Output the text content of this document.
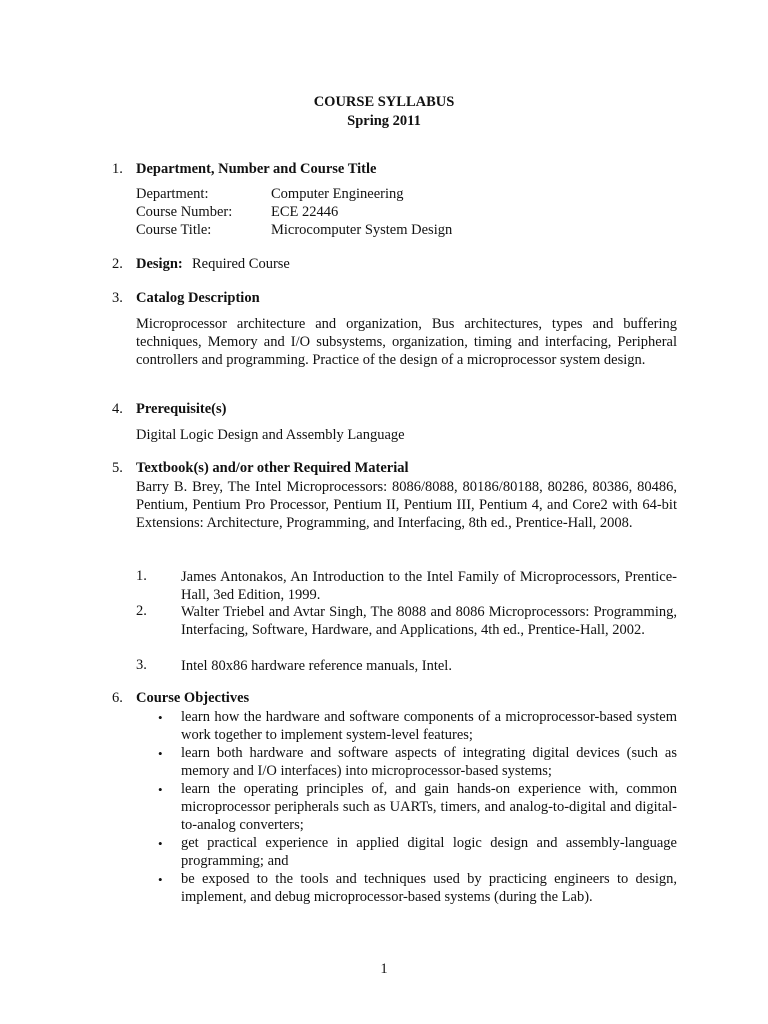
COURSE SYLLABUS
Spring 2011
1. Department, Number and Course Title
Department:	Computer Engineering
Course Number:	ECE 22446
Course Title:	Microcomputer System Design
2. Design: Required Course
3. Catalog Description
Microprocessor architecture and organization, Bus architectures, types and buffering techniques, Memory and I/O subsystems, organization, timing and interfacing, Peripheral controllers and programming. Practice of the design of a microprocessor system design.
4. Prerequisite(s)
Digital Logic Design and Assembly Language
5. Textbook(s) and/or other Required Material
Barry B. Brey, The Intel Microprocessors: 8086/8088, 80186/80188, 80286, 80386, 80486, Pentium, Pentium Pro Processor, Pentium II, Pentium III, Pentium 4, and Core2 with 64-bit Extensions: Architecture, Programming, and Interfacing, 8th ed., Prentice-Hall, 2008.
1. James Antonakos, An Introduction to the Intel Family of Microprocessors, Prentice-Hall, 3ed Edition, 1999.
2. Walter Triebel and Avtar Singh, The 8088 and 8086 Microprocessors: Programming, Interfacing, Software, Hardware, and Applications, 4th ed., Prentice-Hall, 2002.
3. Intel 80x86 hardware reference manuals, Intel.
6. Course Objectives
• learn how the hardware and software components of a microprocessor-based system work together to implement system-level features;
• learn both hardware and software aspects of integrating digital devices (such as memory and I/O interfaces) into microprocessor-based systems;
• learn the operating principles of, and gain hands-on experience with, common microprocessor peripherals such as UARTs, timers, and analog-to-digital and digital-to-analog converters;
• get practical experience in applied digital logic design and assembly-language programming; and
• be exposed to the tools and techniques used by practicing engineers to design, implement, and debug microprocessor-based systems (during the Lab).
1
